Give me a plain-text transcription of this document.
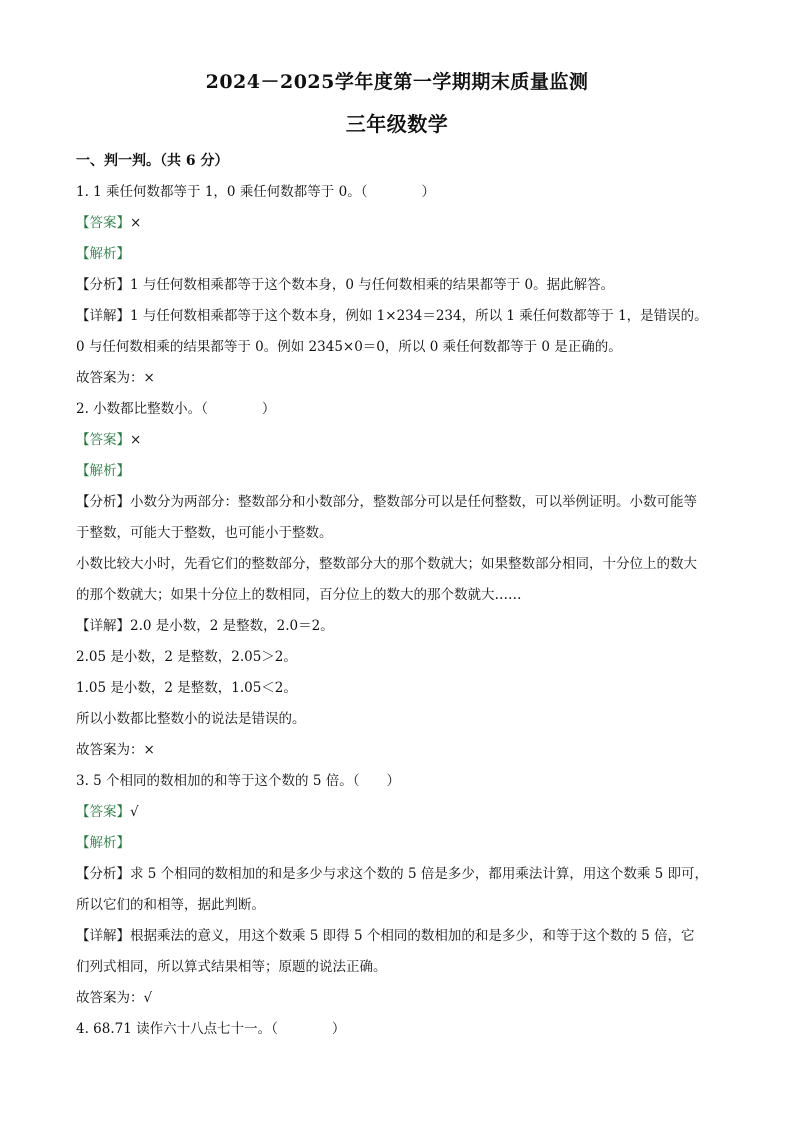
2024－2025学年度第一学期期末质量监测
三年级数学
一、判一判。（共 6 分）
1. 1 乘任何数都等于 1，0 乘任何数都等于 0。（　　　　）
【答案】×
【解析】
【分析】1 与任何数相乘都等于这个数本身，0 与任何数相乘的结果都等于 0。据此解答。
【详解】1 与任何数相乘都等于这个数本身，例如 1×234＝234，所以 1 乘任何数都等于 1，是错误的。
0 与任何数相乘的结果都等于 0。例如 2345×0＝0，所以 0 乘任何数都等于 0 是正确的。
故答案为：×
2. 小数都比整数小。（　　　　）
【答案】×
【解析】
【分析】小数分为两部分：整数部分和小数部分，整数部分可以是任何整数，可以举例证明。小数可能等
于整数，可能大于整数，也可能小于整数。
小数比较大小时，先看它们的整数部分，整数部分大的那个数就大；如果整数部分相同，十分位上的数大
的那个数就大；如果十分位上的数相同，百分位上的数大的那个数就大……
【详解】2.0 是小数，2 是整数，2.0＝2。
2.05 是小数，2 是整数，2.05＞2。
1.05 是小数，2 是整数，1.05＜2。
所以小数都比整数小的说法是错误的。
故答案为：×
3. 5 个相同的数相加的和等于这个数的 5 倍。（　　）
【答案】√
【解析】
【分析】求 5 个相同的数相加的和是多少与求这个数的 5 倍是多少，都用乘法计算，用这个数乘 5 即可，
所以它们的和相等，据此判断。
【详解】根据乘法的意义，用这个数乘 5 即得 5 个相同的数相加的和是多少，和等于这个数的 5 倍，它
们列式相同，所以算式结果相等；原题的说法正确。
故答案为：√
4. 68.71 读作六十八点七十一。（　　　　）
